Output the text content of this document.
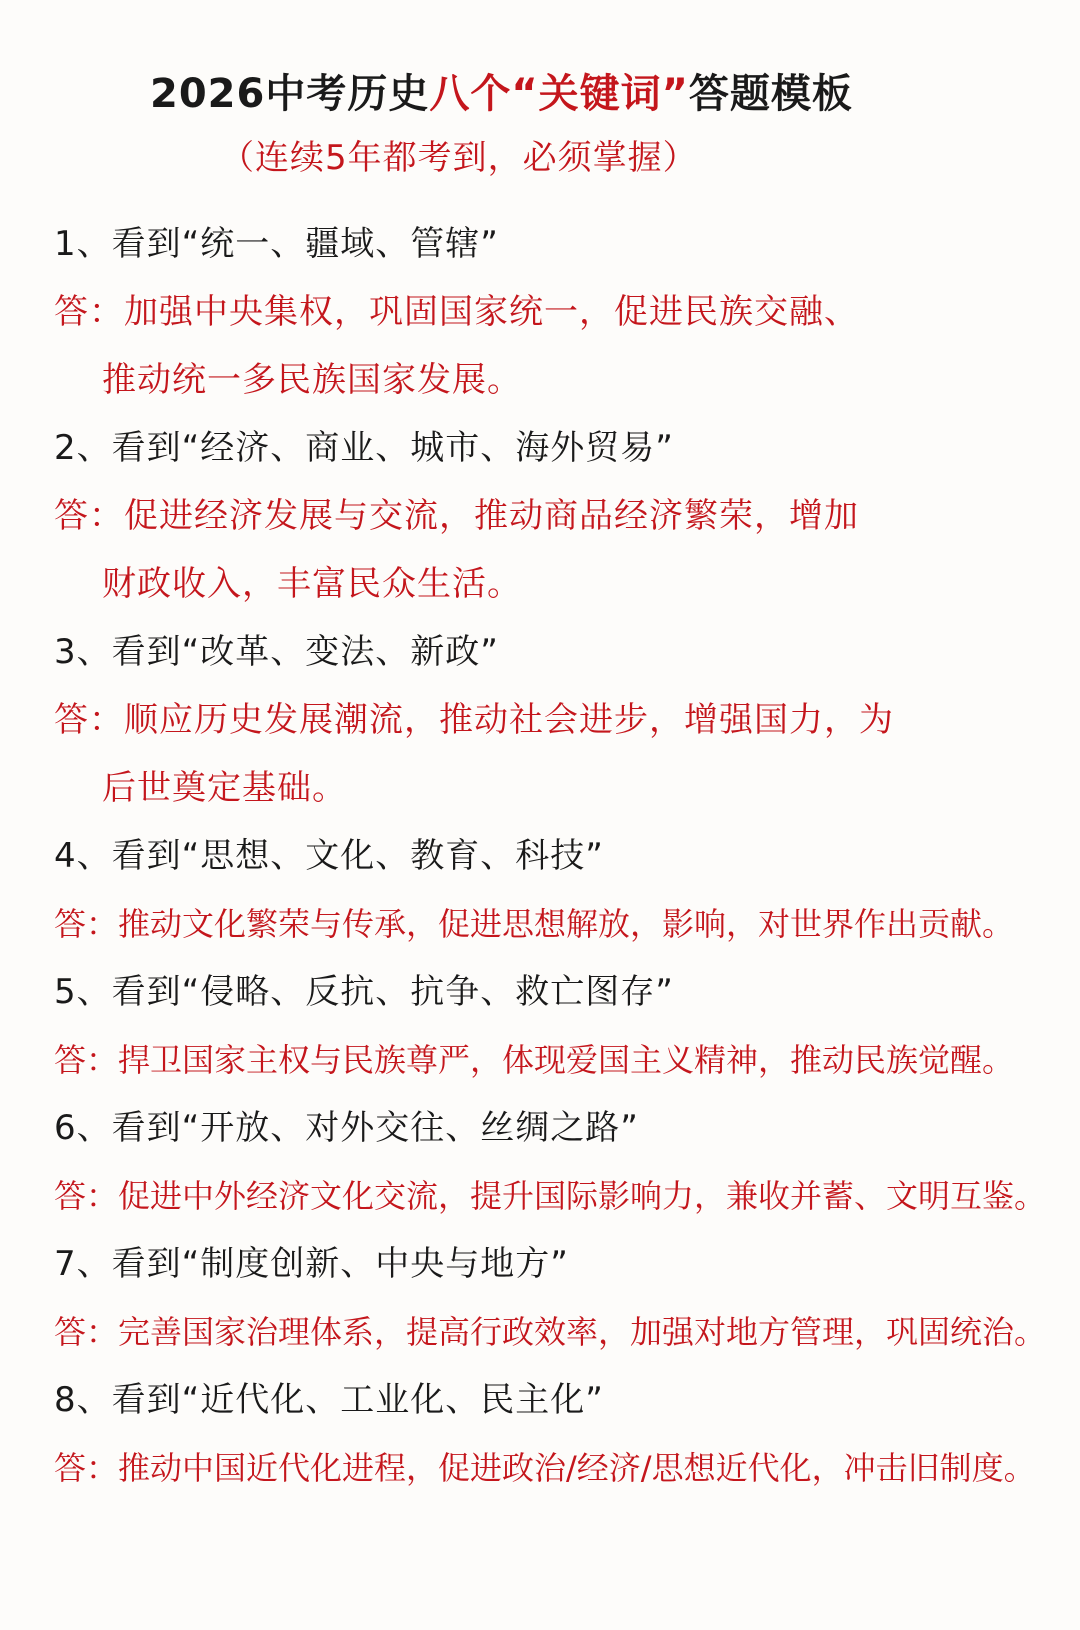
2026中考历史八个“关键词”答题模板
（连续5年都考到，必须掌握）
1、看到“统一、疆域、管辖”
答：加强中央集权，巩固国家统一，促进民族交融、
推动统一多民族国家发展。
2、看到“经济、商业、城市、海外贸易”
答：促进经济发展与交流，推动商品经济繁荣，增加
财政收入，丰富民众生活。
3、看到“改革、变法、新政”
答：顺应历史发展潮流，推动社会进步，增强国力，为
后世奠定基础。
4、看到“思想、文化、教育、科技”
答：推动文化繁荣与传承，促进思想解放，影响，对世界作出贡献。
5、看到“侵略、反抗、抗争、救亡图存”
答：捍卫国家主权与民族尊严，体现爱国主义精神，推动民族觉醒。
6、看到“开放、对外交往、丝绸之路”
答：促进中外经济文化交流，提升国际影响力，兼收并蓄、文明互鉴。
7、看到“制度创新、中央与地方”
答：完善国家治理体系，提高行政效率，加强对地方管理，巩固统治。
8、看到“近代化、工业化、民主化”
答：推动中国近代化进程，促进政治/经济/思想近代化，冲击旧制度。
